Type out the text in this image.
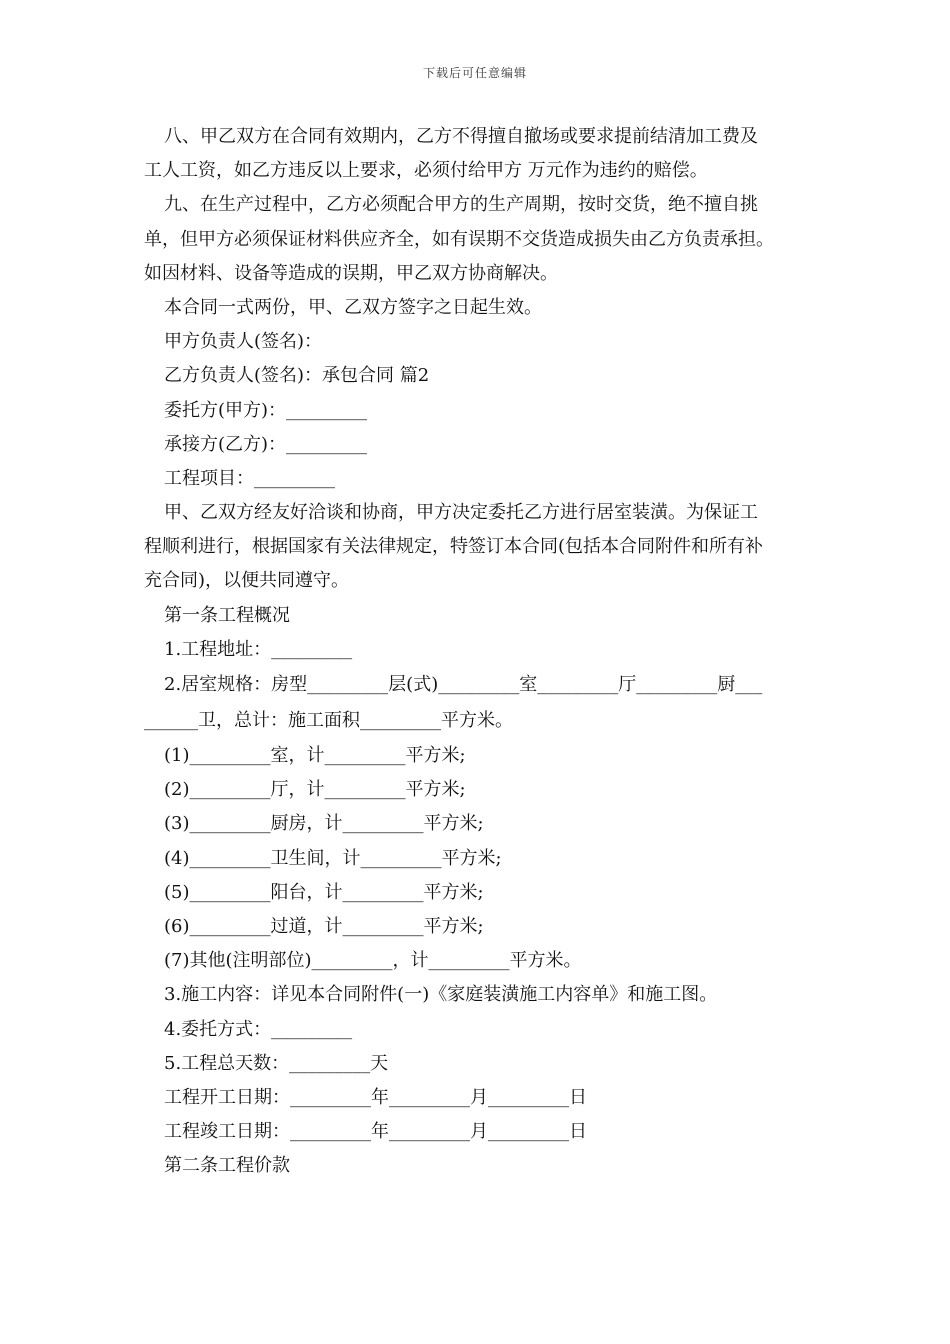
下载后可任意编辑
八、甲乙双方在合同有效期内，乙方不得擅自撤场或要求提前结清加工费及
工人工资，如乙方违反以上要求，必须付给甲方 万元作为违约的赔偿。
九、在生产过程中，乙方必须配合甲方的生产周期，按时交货，绝不擅自挑
单，但甲方必须保证材料供应齐全，如有误期不交货造成损失由乙方负责承担。
如因材料、设备等造成的误期，甲乙双方协商解决。
本合同一式两份，甲、乙双方签字之日起生效。
甲方负责人(签名)：
乙方负责人(签名)：承包合同 篇2
委托方(甲方)：_________
承接方(乙方)：_________
工程项目：_________
甲、乙双方经友好洽谈和协商，甲方决定委托乙方进行居室装潢。为保证工
程顺利进行，根据国家有关法律规定，特签订本合同(包括本合同附件和所有补
充合同)，以便共同遵守。
第一条工程概况
1.工程地址：_________
2.居室规格：房型_________层(式)_________室_________厅_________厨___
______卫，总计：施工面积_________平方米。
(1)_________室，计_________平方米;
(2)_________厅，计_________平方米;
(3)_________厨房，计_________平方米;
(4)_________卫生间，计_________平方米;
(5)_________阳台，计_________平方米;
(6)_________过道，计_________平方米;
(7)其他(注明部位)_________，计_________平方米。
3.施工内容：详见本合同附件(一)《家庭装潢施工内容单》和施工图。
4.委托方式：_________
5.工程总天数：_________天
工程开工日期：_________年_________月_________日
工程竣工日期：_________年_________月_________日
第二条工程价款
